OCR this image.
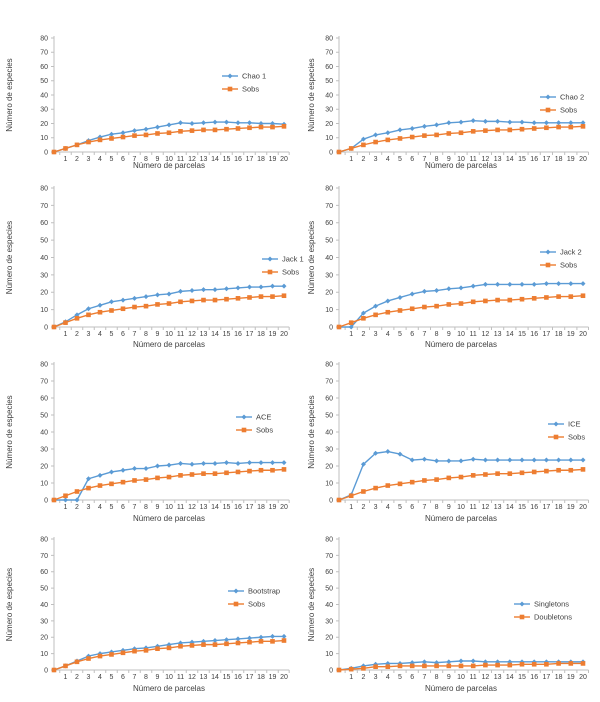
0
10
20
30
40
50
60
70
80
1 2 3 4 5 6 7 8 9 10 11 12 13 14 15 16 17 18 19 20
Número de especies
Número de parcelas
Chao 1
Sobs
0
10
20
30
40
50
60
70
80
1 2 3 4 5 6 7 8 9 10 11 12 13 14 15 16 17 18 19 20
Número de especies
Número de parcelas
Chao 2
Sobs
0
10
20
30
40
50
60
70
80
1 2 3 4 5 6 7 8 9 10 11 12 13 14 15 16 17 18 19 20
Número de especies
Número de parcelas
Jack 1
Sobs
0
10
20
30
40
50
60
70
80
1 2 3 4 5 6 7 8 9 10 11 12 13 14 15 16 17 18 19 20
Número de especies
Número de parcelas
Jack 2
Sobs
0
10
20
30
40
50
60
70
80
1 2 3 4 5 6 7 8 9 10 11 12 13 14 15 16 17 18 19 20
Número de especies
Número de parcelas
ACE
Sobs
0
10
20
30
40
50
60
70
80
1 2 3 4 5 6 7 8 9 10 11 12 13 14 15 16 17 18 19 20
Número de especies
Número de parcelas
ICE
Sobs
0
10
20
30
40
50
60
70
80
1 2 3 4 5 6 7 8 9 10 11 12 13 14 15 16 17 18 19 20
Número de especies
Número de parcelas
Bootstrap
Sobs
0
10
20
30
40
50
60
70
80
1 2 3 4 5 6 7 8 9 10 11 12 13 14 15 16 17 18 19 20
Número de especies
Número de parcelas
Singletons
Doubletons
